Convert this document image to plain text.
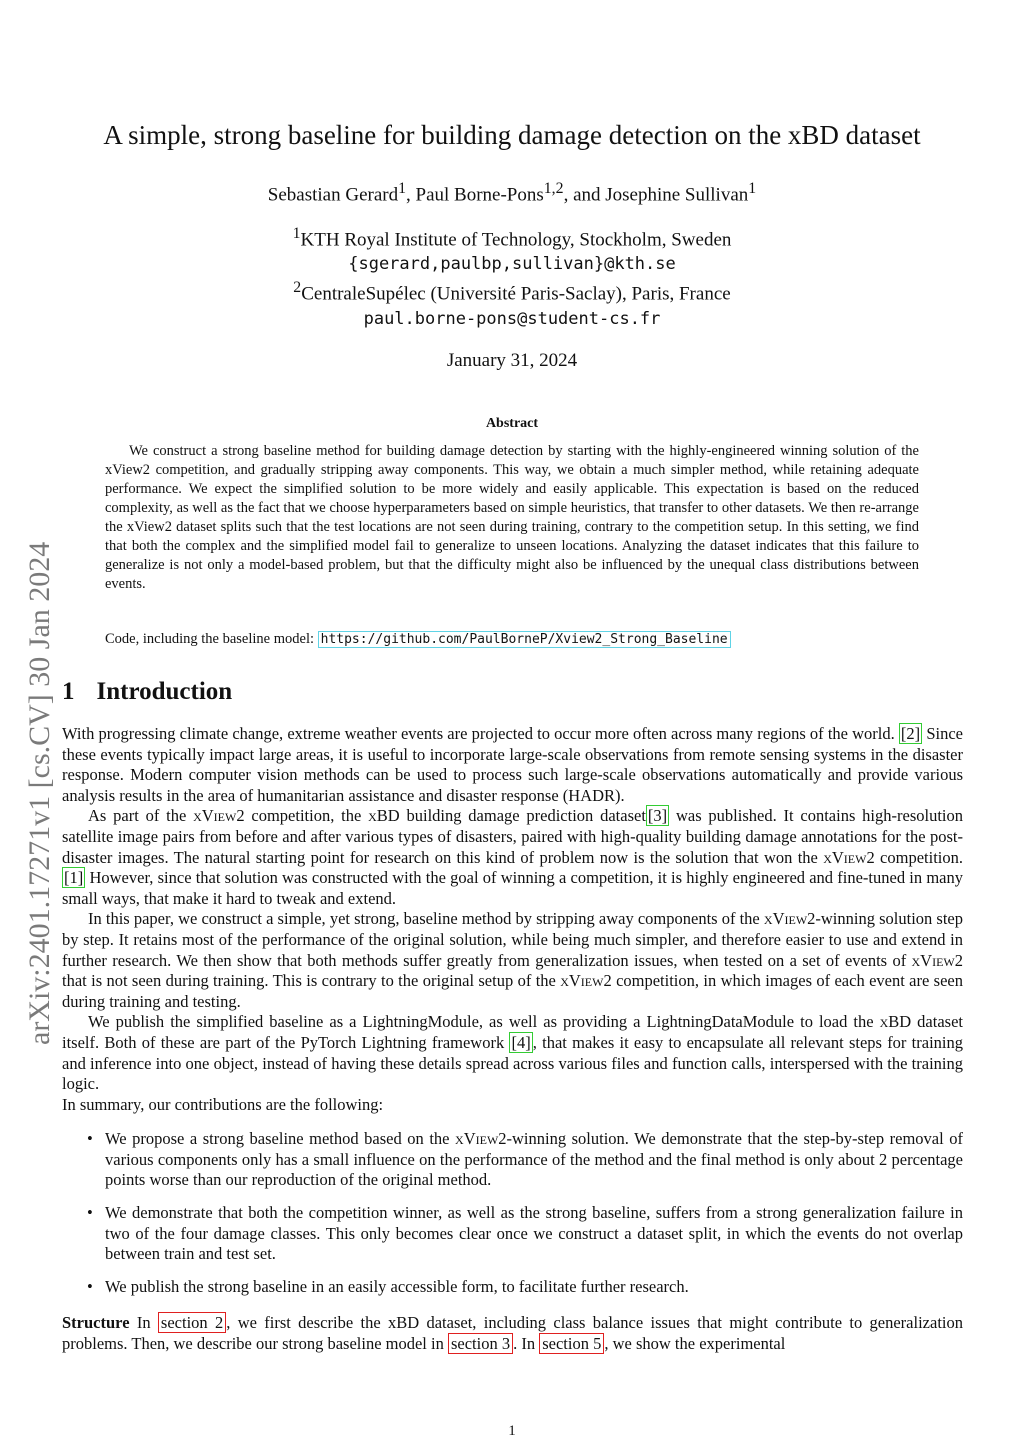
arXiv:2401.17271v1 [cs.CV] 30 Jan 2024
A simple, strong baseline for building damage detection on the xBD dataset
Sebastian Gerard$^1$, Paul Borne-Pons$^{1,2}$, and Josephine Sullivan$^1$
$^1$KTH Royal Institute of Technology, Stockholm, Sweden
{sgerard,paulbp,sullivan}@kth.se
$^2$CentraleSupélec (Université Paris-Saclay), Paris, France
paul.borne-pons@student-cs.fr
January 31, 2024
Abstract

We construct a strong baseline method for building damage detection by starting with the highly-engineered winning solution of the xView2 competition, and gradually stripping away components. This way, we obtain a much simpler method, while retaining adequate performance. We expect the simplified solution to be more widely and easily applicable. This expectation is based on the reduced complexity, as well as the fact that we choose hyperparameters based on simple heuristics, that transfer to other datasets. We then re-arrange the xView2 dataset splits such that the test locations are not seen during training, contrary to the competition setup. In this setting, we find that both the complex and the simplified model fail to generalize to unseen locations. Analyzing the dataset indicates that this failure to generalize is not only a model-based problem, but that the difficulty might also be influenced by the unequal class distributions between events.

Code, including the baseline model: https://github.com/PaulBorneP/Xview2_Strong_Baseline
1 Introduction

With progressing climate change, extreme weather events are projected to occur more often across many regions of the world. [2] Since these events typically impact large areas, it is useful to incorporate large-scale observations from remote sensing systems in the disaster response. Modern computer vision methods can be used to process such large-scale observations automatically and provide various analysis results in the area of humanitarian assistance and disaster response (HADR).

As part of the xView2 competition, the xBD building damage prediction dataset [3] was published. It contains high-resolution satellite image pairs from before and after various types of disasters, paired with high-quality building damage annotations for the post-disaster images. The natural starting point for research on this kind of problem now is the solution that won the xView2 competition. [1] However, since that solution was constructed with the goal of winning a competition, it is highly engineered and fine-tuned in many small ways, that make it hard to tweak and extend.

In this paper, we construct a simple, yet strong, baseline method by stripping away components of the xView2-winning solution step by step. It retains most of the performance of the original solution, while being much simpler, and therefore easier to use and extend in further research. We then show that both methods suffer greatly from generalization issues, when tested on a set of events of xView2 that is not seen during training. This is contrary to the original setup of the xView2 competition, in which images of each event are seen during training and testing.

We publish the simplified baseline as a LightningModule, as well as providing a LightningDataModule to load the xBD dataset itself. Both of these are part of the PyTorch Lightning framework [4] , that makes it easy to encapsulate all relevant steps for training and inference into one object, instead of having these details spread across various files and function calls, interspersed with the training logic.

In summary, our contributions are the following:

• We propose a strong baseline method based on the xView2-winning solution. We demonstrate that the step-by-step removal of various components only has a small influence on the performance of the method and the final method is only about 2 percentage points worse than our reproduction of the original method.
• We demonstrate that both the competition winner, as well as the strong baseline, suffers from a strong generalization failure in two of the four damage classes. This only becomes clear once we construct a dataset split, in which the events do not overlap between train and test set.
• We publish the strong baseline in an easily accessible form, to facilitate further research.

Structure In section 2 , we first describe the xBD dataset, including class balance issues that might contribute to generalization problems. Then, we describe our strong baseline model in section 3 . In section 5 , we show the experimental

1
